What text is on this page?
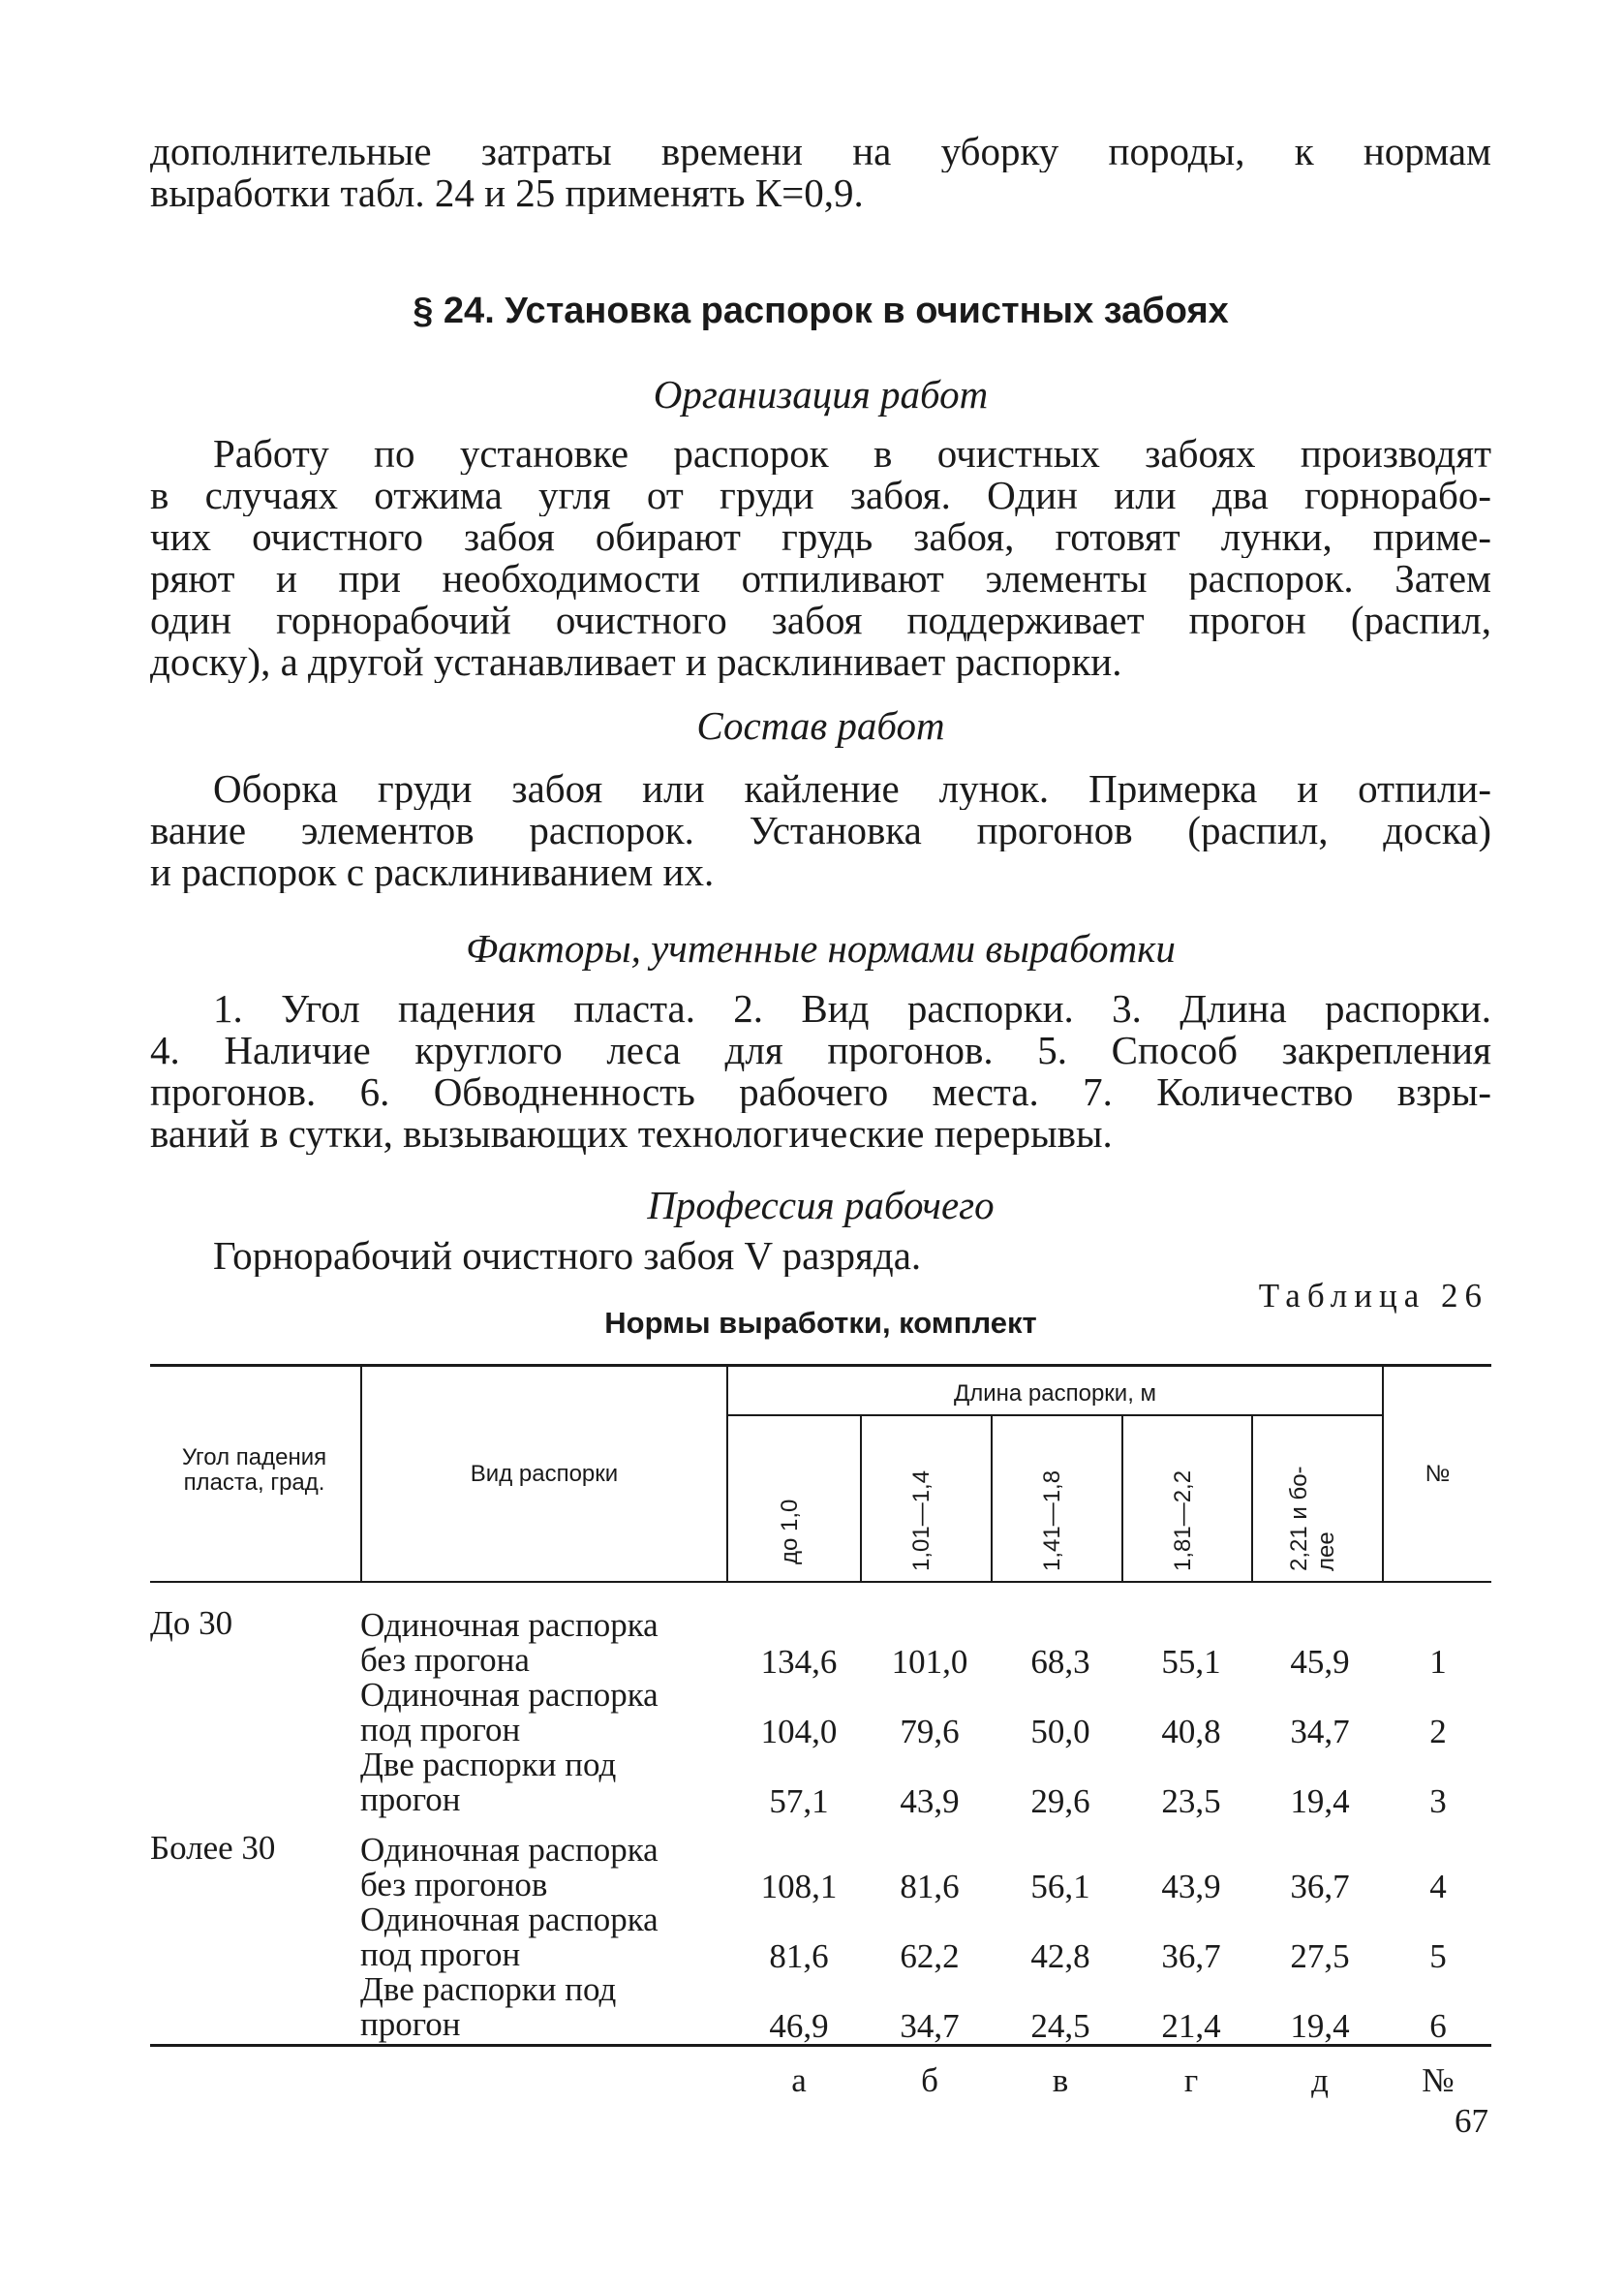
дополнительные затраты времени на уборку породы, к нормам
выработки табл. 24 и 25 применять К=0,9.
§ 24. Установка распорок в очистных забоях
Организация работ
Работу по установке распорок в очистных забоях производят
в случаях отжима угля от груди забоя. Один или два горнорабо-
чих очистного забоя обирают грудь забоя, готовят лунки, приме-
ряют и при необходимости отпиливают элементы распорок. Затем
один горнорабочий очистного забоя поддерживает прогон (распил,
доску), а другой устанавливает и расклинивает распорки.
Состав работ
Оборка груди забоя или кайление лунок. Примерка и отпили-
вание элементов распорок. Установка прогонов (распил, доска)
и распорок с расклиниванием их.
Факторы, учтенные нормами выработки
1. Угол падения пласта. 2. Вид распорки. 3. Длина распорки.
4. Наличие круглого леса для прогонов. 5. Способ закрепления
прогонов. 6. Обводненность рабочего места. 7. Количество взры-
ваний в сутки, вызывающих технологические перерывы.
Профессия рабочего
Горнорабочий очистного забоя V разряда.
Таблица 26
Нормы выработки, комплект
Угол падения
пласта, град.	Вид распорки
Длина распорки, м
до 1,0	1,01—1,4	1,41—1,8	1,81—2,2	2,21 и бо- лее
№
До 30	Одиночная распорка
без прогона	134,6	101,0	68,3	55,1	45,9	1
Одиночная распорка
под прогон	104,0	79,6	50,0	40,8	34,7	2
Две распорки под
прогон	57,1	43,9	29,6	23,5	19,4	3
Более 30	Одиночная распорка
без прогонов	108,1	81,6	56,1	43,9	36,7	4
Одиночная распорка
под прогон	81,6	62,2	42,8	36,7	27,5	5
Две распорки под
прогон	46,9	34,7	24,5	21,4	19,4	6
а	б	в	г	д	№
67
